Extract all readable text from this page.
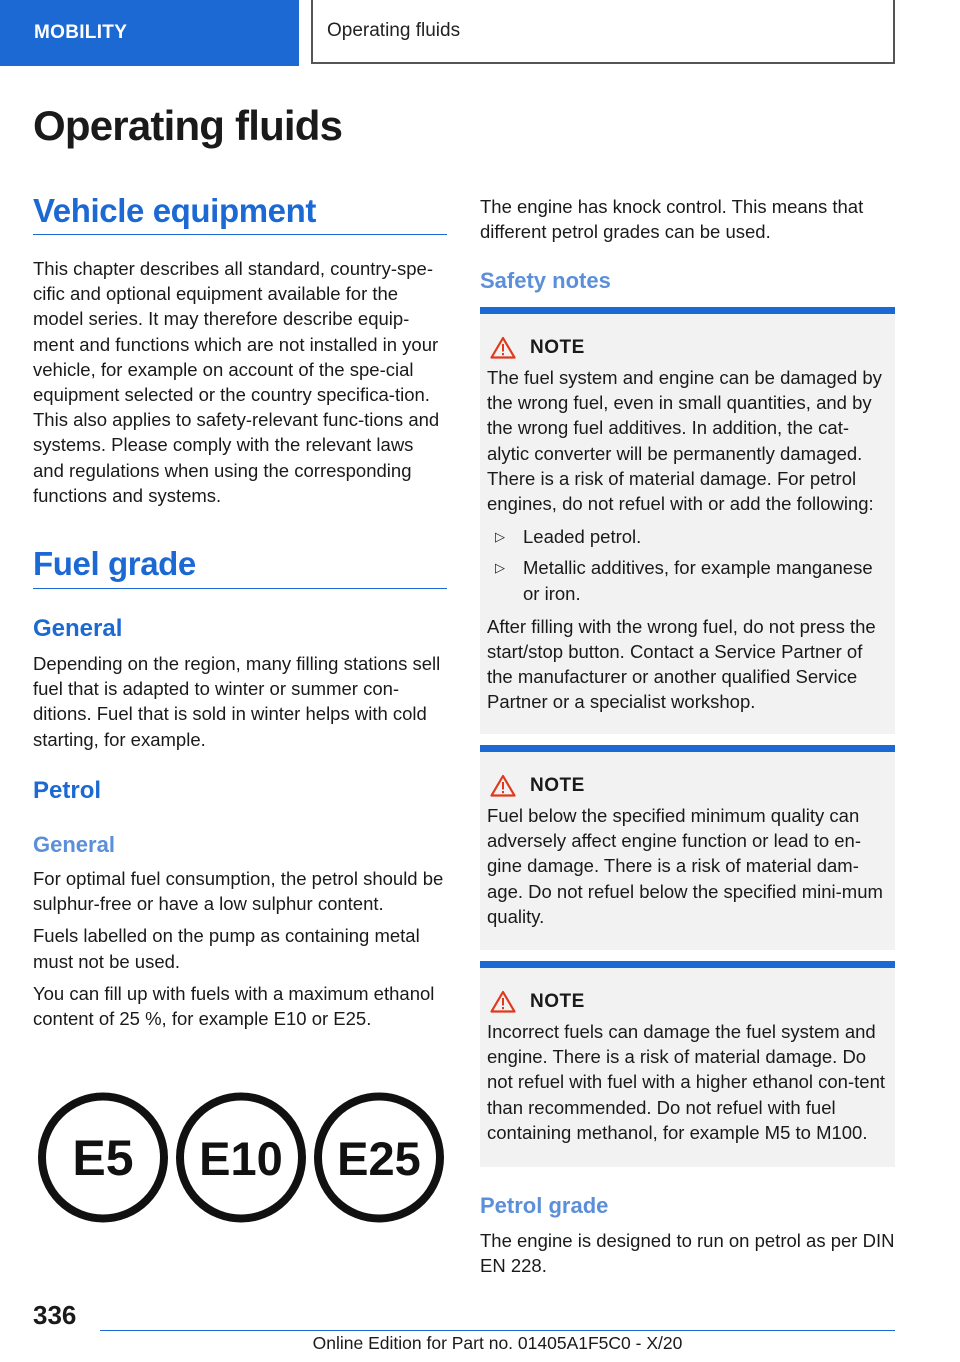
MOBILITY	Operating fluids
Operating fluids
Vehicle equipment

This chapter describes all standard, country-spe-cific and optional equipment available for the model series. It may therefore describe equip-ment and functions which are not installed in your vehicle, for example on account of the spe-cial equipment selected or the country specifica-tion. This also applies to safety-relevant func-tions and systems. Please comply with the relevant laws and regulations when using the corresponding functions and systems.

Fuel grade
General

Depending on the region, many filling stations sell fuel that is adapted to winter or summer con-ditions. Fuel that is sold in winter helps with cold starting, for example.

Petrol
General

For optimal fuel consumption, the petrol should be sulphur-free or have a low sulphur content.

Fuels labelled on the pump as containing metal must not be used.

You can fill up with fuels with a maximum ethanol content of 25 %, for example E10 or E25.

E5 E10 E25

The engine has knock control. This means that different petrol grades can be used.

Safety notes
NOTE

The fuel system and engine can be damaged by the wrong fuel, even in small quantities, and by the wrong fuel additives. In addition, the cat-alytic converter will be permanently damaged. There is a risk of material damage. For petrol engines, do not refuel with or add the following:

▷ Leaded petrol.
▷ Metallic additives, for example manganese or iron.

After filling with the wrong fuel, do not press the start/stop button. Contact a Service Partner of the manufacturer or another qualified Service Partner or a specialist workshop.

NOTE

Fuel below the specified minimum quality can adversely affect engine function or lead to en-gine damage. There is a risk of material dam-age. Do not refuel below the specified mini-mum quality.

NOTE

Incorrect fuels can damage the fuel system and engine. There is a risk of material damage. Do not refuel with fuel with a higher ethanol con-tent than recommended. Do not refuel with fuel containing methanol, for example M5 to M100.

Petrol grade

The engine is designed to run on petrol as per DIN EN 228.

336
Online Edition for Part no. 01405A1F5C0 - X/20
